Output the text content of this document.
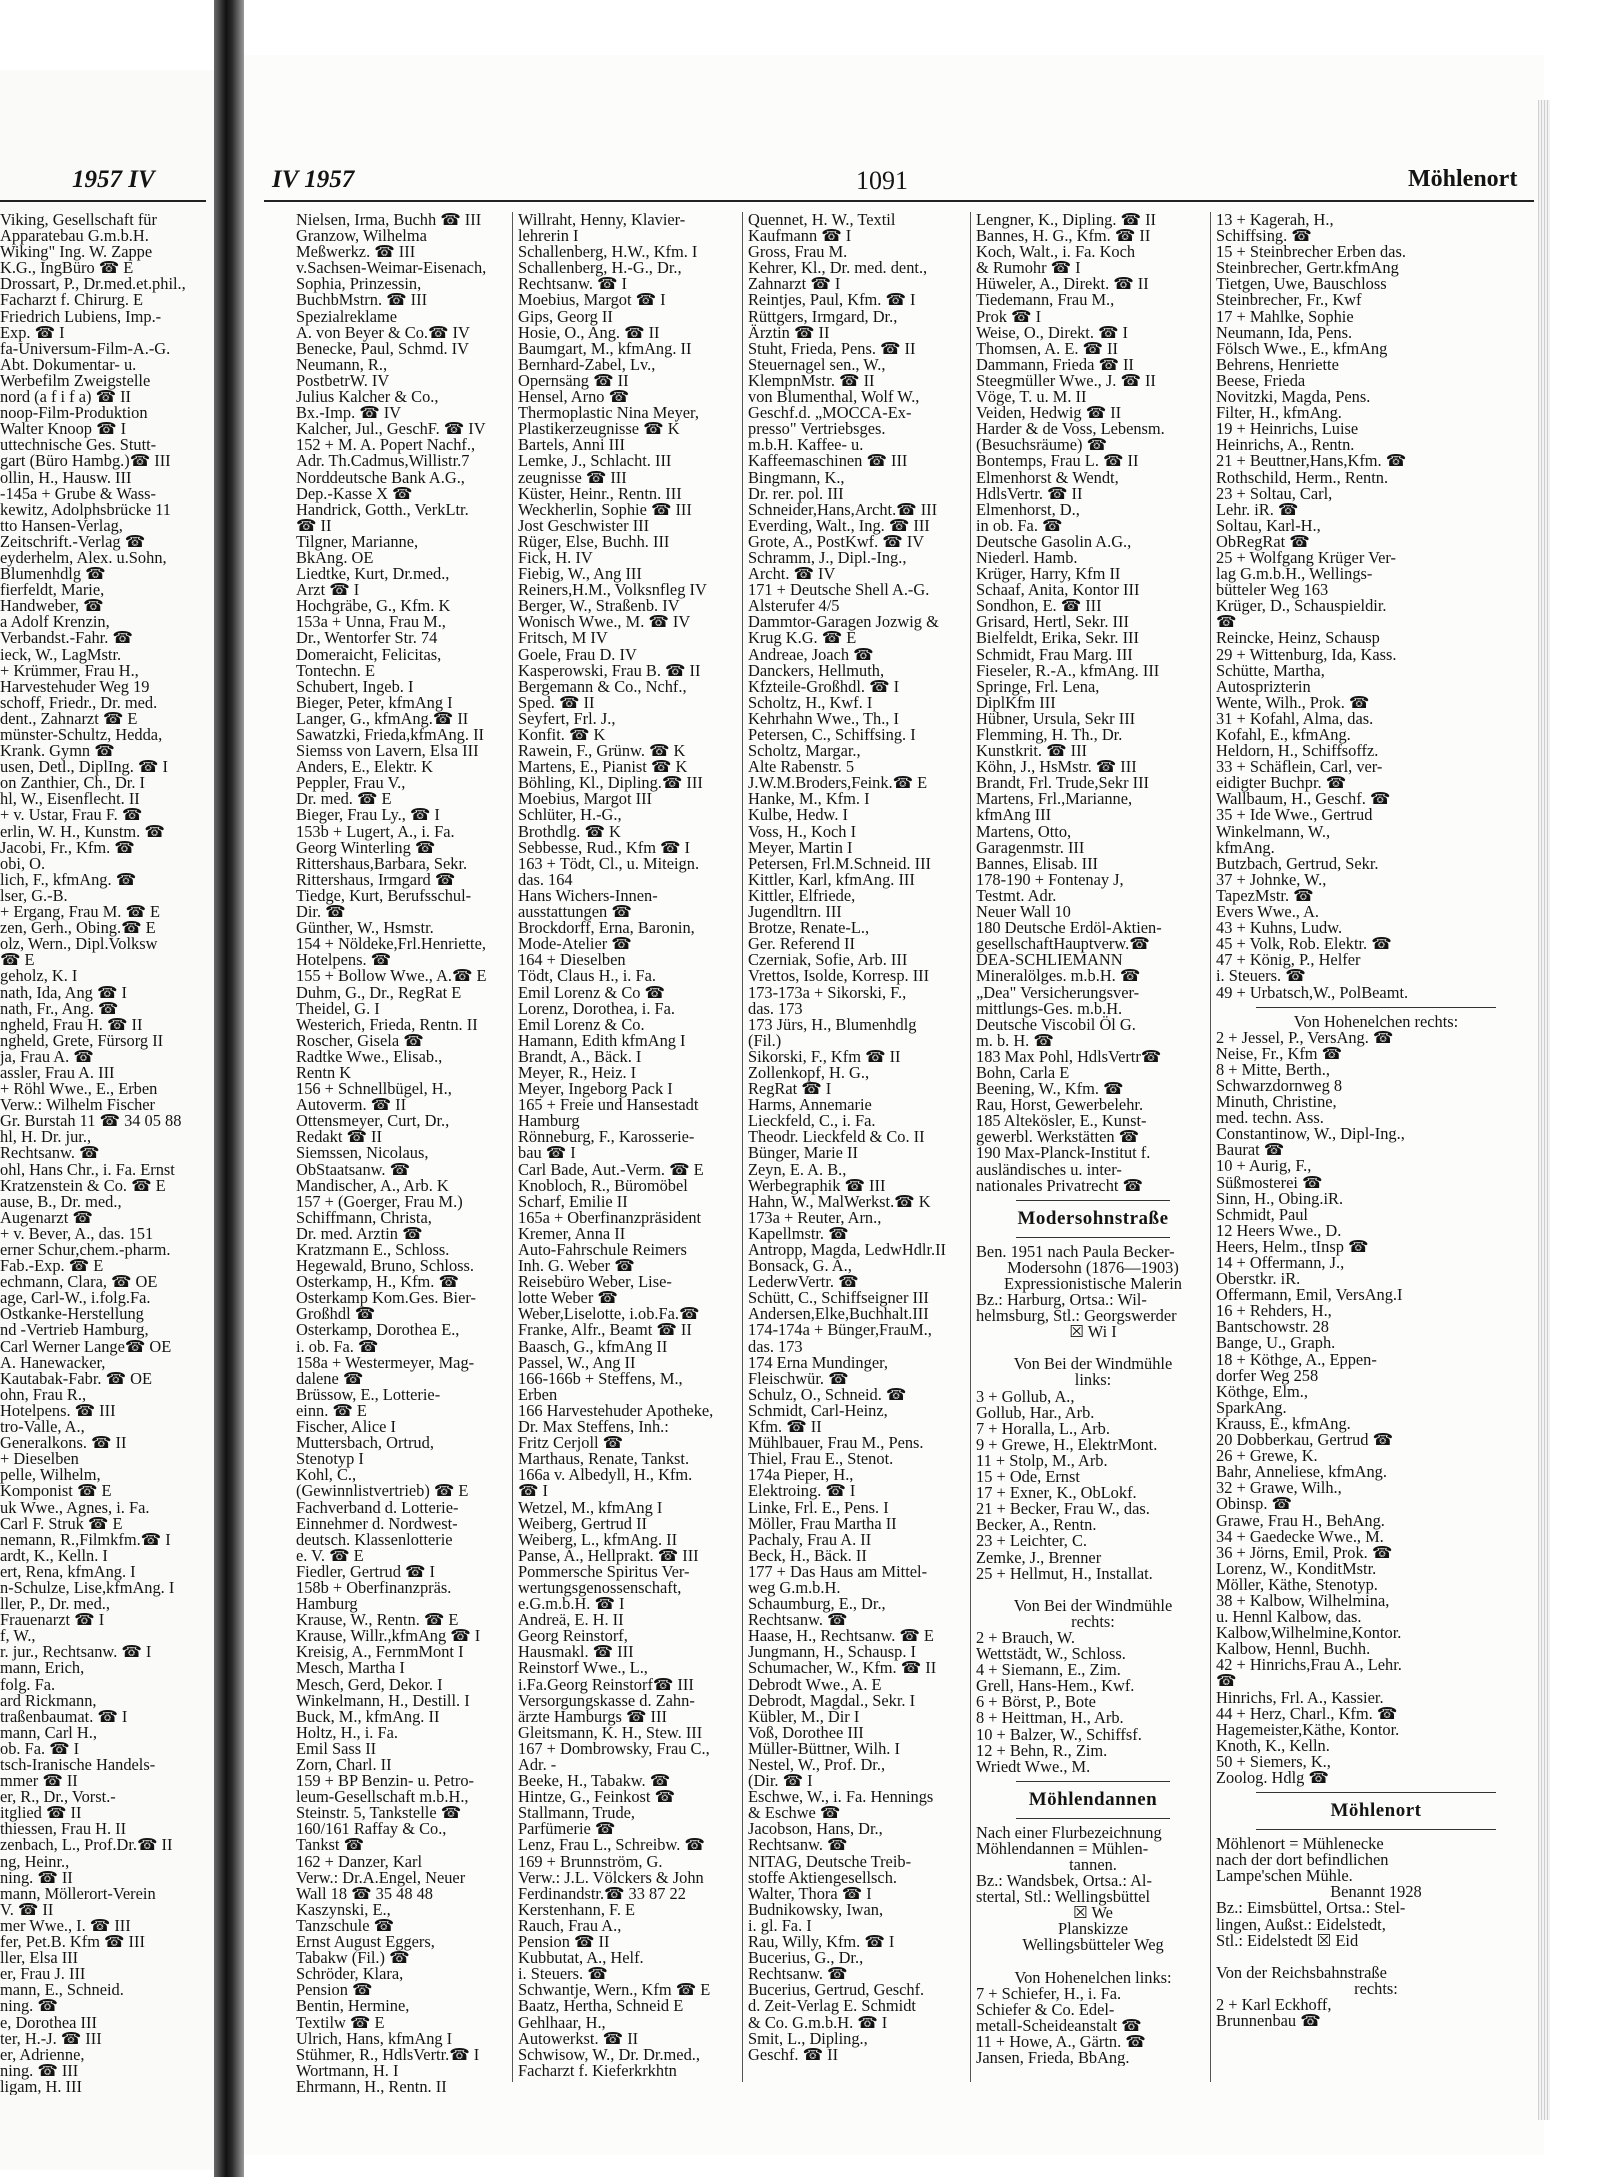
1957 IV	IV 1957	1091	Möhlenort
Viking, Gesellschaft für
Apparatebau G.m.b.H.
Wiking" Ing. W. Zappe
K.G., IngBüro ☎ E
Drossart, P., Dr.med.et.phil.,
Facharzt f. Chirurg. E
Friedrich Lubiens, Imp.-
Exp. ☎ I
fa-Universum-Film-A.-G.
Abt. Dokumentar- u.
Werbefilm Zweigstelle
nord (a f i f a) ☎ II
noop-Film-Produktion
Walter Knoop ☎ I
uttechnische Ges. Stutt-
gart (Büro Hambg.)☎ III
ollin, H., Hausw. III
-145a + Grube & Wass-
kewitz, Adolphsbrücke 11
tto Hansen-Verlag,
Zeitschrift.-Verlag ☎
eyderhelm, Alex. u.Sohn,
Blumenhdlg ☎
fierfeldt, Marie,
Handweber, ☎
a Adolf Krenzin,
Verbandst.-Fahr. ☎
ieck, W., LagMstr.
+ Krümmer, Frau H.,
Harvestehuder Weg 19
schoff, Friedr., Dr. med.
dent., Zahnarzt ☎ E
münster-Schultz, Hedda,
Krank. Gymn ☎
usen, Detl., DiplIng. ☎ I
on Zanthier, Ch., Dr. I
hl, W., Eisenflecht. II
+ v. Ustar, Frau F. ☎
erlin, W. H., Kunstm. ☎
Jacobi, Fr., Kfm. ☎
obi, O.
lich, F., kfmAng. ☎
lser, G.-B.
+ Ergang, Frau M. ☎ E
zen, Gerh., Obing.☎ E
olz, Wern., Dipl.Volksw
☎ E
geholz, K. I
nath, Ida, Ang ☎ I
nath, Fr., Ang. ☎
ngheld, Frau H. ☎ II
ngheld, Grete, Fürsorg II
ja, Frau A. ☎
assler, Frau A. III
+ Röhl Wwe., E., Erben
Verw.: Wilhelm Fischer
Gr. Burstah 11 ☎ 34 05 88
hl, H. Dr. jur.,
Rechtsanw. ☎
ohl, Hans Chr., i. Fa. Ernst
Kratzenstein & Co. ☎ E
ause, B., Dr. med.,
Augenarzt ☎
+ v. Bever, A., das. 151
erner Schur,chem.-pharm.
Fab.-Exp. ☎ E
echmann, Clara, ☎ OE
age, Carl-W., i.folg.Fa.
Ostkanke-Herstellung
nd -Vertrieb Hamburg,
Carl Werner Lange☎ OE
A. Hanewacker,
Kautabak-Fabr. ☎ OE
ohn, Frau R.,
Hotelpens. ☎ III
tro-Valle, A.,
Generalkons. ☎ II
+ Dieselben
pelle, Wilhelm,
Komponist ☎ E
uk Wwe., Agnes, i. Fa.
Carl F. Struk ☎ E
nemann, R.,Filmkfm.☎ I
ardt, K., Kelln. I
ert, Rena, kfmAng. I
n-Schulze, Lise,kfmAng. I
ller, P., Dr. med.,
Frauenarzt ☎ I
f, W.,
r. jur., Rechtsanw. ☎ I
mann, Erich,
folg. Fa.
ard Rickmann,
traßenbaumat. ☎ I
mann, Carl H.,
ob. Fa. ☎ I
tsch-Iranische Handels-
mmer ☎ II
er, R., Dr., Vorst.-
itglied ☎ II
thiessen, Frau H. II
zenbach, L., Prof.Dr.☎ II
ng, Heinr.,
ning. ☎ II
mann, Möllerort-Verein
V. ☎ II
mer Wwe., I. ☎ III
fer, Pet.B. Kfm ☎ III
ller, Elsa III
er, Frau J. III
mann, E., Schneid.
ning. ☎
e, Dorothea III
ter, H.-J. ☎ III
er, Adrienne,
ning. ☎ III
ligam, H. III
Nielsen, Irma, Buchh ☎ III
Granzow, Wilhelma
Meßwerkz. ☎ III
v.Sachsen-Weimar-Eisenach,
Sophia, Prinzessin,
BuchbMstrn. ☎ III
Spezialreklame
A. von Beyer & Co.☎ IV
Benecke, Paul, Schmd. IV
Neumann, R.,
PostbetrW. IV
Julius Kalcher & Co.,
Bx.-Imp. ☎ IV
Kalcher, Jul., GeschF. ☎ IV
152 + M. A. Popert Nachf.,
Adr. Th.Cadmus,Willistr.7
Norddeutsche Bank A.G.,
Dep.-Kasse X ☎
Handrick, Gotth., VerkLtr.
☎ II
Tilgner, Marianne,
BkAng. OE
Liedtke, Kurt, Dr.med.,
Arzt ☎ I
Hochgräbe, G., Kfm. K
153a + Unna, Frau M.,
Dr., Wentorfer Str. 74
Domeraicht, Felicitas,
Tontechn. E
Schubert, Ingeb. I
Bieger, Peter, kfmAng I
Langer, G., kfmAng.☎ II
Sawatzki, Frieda,kfmAng. II
Siemss von Lavern, Elsa III
Anders, E., Elektr. K
Peppler, Frau V.,
Dr. med. ☎ E
Bieger, Frau Ly., ☎ I
153b + Lugert, A., i. Fa.
Georg Winterling ☎
Rittershaus,Barbara, Sekr.
Rittershaus, Irmgard ☎
Tiedge, Kurt, Berufsschul-
Dir. ☎
Günther, W., Hsmstr.
154 + Nöldeke,Frl.Henriette,
Hotelpens. ☎
155 + Bollow Wwe., A.☎ E
Duhm, G., Dr., RegRat E
Theidel, G. I
Westerich, Frieda, Rentn. II
Roscher, Gisela ☎
Radtke Wwe., Elisab.,
Rentn K
156 + Schnellbügel, H.,
Autoverm. ☎ II
Ottensmeyer, Curt, Dr.,
Redakt ☎ II
Siemssen, Nicolaus,
ObStaatsanw. ☎
Mandischer, A., Arb. K
157 + (Goerger, Frau M.)
Schiffmann, Christa,
Dr. med. Arztin ☎
Kratzmann E., Schloss.
Hegewald, Bruno, Schloss.
Osterkamp, H., Kfm. ☎
Osterkamp Kom.Ges. Bier-
Großhdl ☎
Osterkamp, Dorothea E.,
i. ob. Fa. ☎
158a + Westermeyer, Mag-
dalene ☎
Brüssow, E., Lotterie-
einn. ☎ E
Fischer, Alice I
Muttersbach, Ortrud,
Stenotyp I
Kohl, C.,
(Gewinnlistvertrieb) ☎ E
Fachverband d. Lotterie-
Einnehmer d. Nordwest-
deutsch. Klassenlotterie
e. V. ☎ E
Fiedler, Gertrud ☎ I
158b + Oberfinanzpräs.
Hamburg
Krause, W., Rentn. ☎ E
Krause, Willr.,kfmAng ☎ I
Kreisig, A., FernmMont I
Mesch, Martha I
Mesch, Gerd, Dekor. I
Winkelmann, H., Destill. I
Buck, M., kfmAng. II
Holtz, H., i. Fa.
Emil Sass II
Zorn, Charl. II
159 + BP Benzin- u. Petro-
leum-Gesellschaft m.b.H.,
Steinstr. 5, Tankstelle ☎
160/161 Raffay & Co.,
Tankst ☎
162 + Danzer, Karl
Verw.: Dr.A.Engel, Neuer
Wall 18 ☎ 35 48 48
Kaszynski, E.,
Tanzschule ☎
Ernst August Eggers,
Tabakw (Fil.) ☎
Schröder, Klara,
Pension ☎
Bentin, Hermine,
Textilw ☎ E
Ulrich, Hans, kfmAng I
Stühmer, R., HdlsVertr.☎ I
Wortmann, H. I
Ehrmann, H., Rentn. II
Willraht, Henny, Klavier-
lehrerin I
Schallenberg, H.W., Kfm. I
Schallenberg, H.-G., Dr.,
Rechtsanw. ☎ I
Moebius, Margot ☎ I
Gips, Georg II
Hosie, O., Ang. ☎ II
Baumgart, M., kfmAng. II
Bernhard-Zabel, Lv.,
Opernsäng ☎ II
Hensel, Arno ☎
Thermoplastic Nina Meyer,
Plastikerzeugnisse ☎ K
Bartels, Anni III
Lemke, J., Schlacht. III
zeugnisse ☎ III
Küster, Heinr., Rentn. III
Weckherlin, Sophie ☎ III
Jost Geschwister III
Rüger, Else, Buchh. III
Fick, H. IV
Fiebig, W., Ang III
Reiners,H.M., Volksnfleg IV
Berger, W., Straßenb. IV
Wonisch Wwe., M. ☎ IV
Fritsch, M IV
Goele, Frau D. IV
Kasperowski, Frau B. ☎ II
Bergemann & Co., Nchf.,
Sped. ☎ II
Seyfert, Frl. J.,
Konfit. ☎ K
Rawein, F., Grünw. ☎ K
Martens, E., Pianist ☎ K
Böhling, Kl., Dipling.☎ III
Moebius, Margot III
Schlüter, H.-G.,
Brothdlg. ☎ K
Sebbesse, Rud., Kfm ☎ I
163 + Tödt, Cl., u. Miteign.
das. 164
Hans Wichers-Innen-
ausstattungen ☎
Brockdorff, Erna, Baronin,
Mode-Atelier ☎
164 + Dieselben
Tödt, Claus H., i. Fa.
Emil Lorenz & Co ☎
Lorenz, Dorothea, i. Fa.
Emil Lorenz & Co.
Hamann, Edith kfmAng I
Brandt, A., Bäck. I
Meyer, R., Heiz. I
Meyer, Ingeborg Pack I
165 + Freie und Hansestadt
Hamburg
Rönneburg, F., Karosserie-
bau ☎ I
Carl Bade, Aut.-Verm. ☎ E
Knobloch, R., Büromöbel
Scharf, Emilie II
165a + Oberfinanzpräsident
Kremer, Anna II
Auto-Fahrschule Reimers
Inh. G. Weber ☎
Reisebüro Weber, Lise-
lotte Weber ☎
Weber,Liselotte, i.ob.Fa.☎
Franke, Alfr., Beamt ☎ II
Baasch, G., kfmAng II
Passel, W., Ang II
166-166b + Steffens, M.,
Erben
166 Harvestehuder Apotheke,
Dr. Max Steffens, Inh.:
Fritz Cerjoll ☎
Marthaus, Renate, Tankst.
166a v. Albedyll, H., Kfm.
☎ I
Wetzel, M., kfmAng I
Weiberg, Gertrud II
Weiberg, L., kfmAng. II
Panse, A., Hellprakt. ☎ III
Pommersche Spiritus Ver-
wertungsgenossenschaft,
e.G.m.b.H. ☎ I
Andreä, E. H. II
Georg Reinstorf,
Hausmakl. ☎ III
Reinstorf Wwe., L.,
i.Fa.Georg Reinstorf☎ III
Versorgungskasse d. Zahn-
ärzte Hamburgs ☎ III
Gleitsmann, K. H., Stew. III
167 + Dombrowsky, Frau C.,
Adr. -
Beeke, H., Tabakw. ☎
Hintze, G., Feinkost ☎
Stallmann, Trude,
Parfümerie ☎
Lenz, Frau L., Schreibw. ☎
169 + Brunnström, G.
Verw.: J.L. Völckers & John
Ferdinandstr.☎ 33 87 22
Kerstenhann, F. E
Rauch, Frau A.,
Pension ☎ II
Kubbutat, A., Helf.
i. Steuers. ☎
Schwantje, Wern., Kfm ☎ E
Baatz, Hertha, Schneid E
Gehlhaar, H.,
Autowerkst. ☎ II
Schwisow, W., Dr. Dr.med.,
Facharzt f. Kieferkrkhtn
Quennet, H. W., Textil
Kaufmann ☎ I
Gross, Frau M.
Kehrer, Kl., Dr. med. dent.,
Zahnarzt ☎ I
Reintjes, Paul, Kfm. ☎ I
Rüttgers, Irmgard, Dr.,
Ärztin ☎ II
Stuht, Frieda, Pens. ☎ II
Steuernagel sen., W.,
KlempnMstr. ☎ II
von Blumenthal, Wolf W.,
Geschf.d. „MOCCA-Ex-
presso" Vertriebsges.
m.b.H. Kaffee- u.
Kaffeemaschinen ☎ III
Bingmann, K.,
Dr. rer. pol. III
Schneider,Hans,Archt.☎ III
Everding, Walt., Ing. ☎ III
Grote, A., PostKwf. ☎ IV
Schramm, J., Dipl.-Ing.,
Archt. ☎ IV
171 + Deutsche Shell A.-G.
Alsterufer 4/5
Dammtor-Garagen Jozwig &
Krug K.G. ☎ E
Andreae, Joach ☎
Danckers, Hellmuth,
Kfzteile-Großhdl. ☎ I
Scholtz, H., Kwf. I
Kehrhahn Wwe., Th., I
Petersen, C., Schiffsing. I
Scholtz, Margar.,
Alte Rabenstr. 5
J.W.M.Broders,Feink.☎ E
Hanke, M., Kfm. I
Kulbe, Hedw. I
Voss, H., Koch I
Meyer, Martin I
Petersen, Frl.M.Schneid. III
Kittler, Karl, kfmAng. III
Kittler, Elfriede,
Jugendltrn. III
Brotze, Renate-L.,
Ger. Referend II
Czerniak, Sofie, Arb. III
Vrettos, Isolde, Korresp. III
173-173a + Sikorski, F.,
das. 173
173 Jürs, H., Blumenhdlg
(Fil.)
Sikorski, F., Kfm ☎ II
Zollenkopf, H. G.,
RegRat ☎ I
Harms, Annemarie
Lieckfeld, C., i. Fa.
Theodr. Lieckfeld & Co. II
Bünger, Marie II
Zeyn, E. A. B.,
Werbegraphik ☎ III
Hahn, W., MalWerkst.☎ K
173a + Reuter, Arn.,
Kapellmstr. ☎
Antropp, Magda, LedwHdlr.II
Bonsack, G. A.,
LederwVertr. ☎
Schütt, C., Schiffseigner III
Andersen,Elke,Buchhalt.III
174-174a + Bünger,FrauM.,
das. 173
174 Erna Mundinger,
Fleischwür. ☎
Schulz, O., Schneid. ☎
Schmidt, Carl-Heinz,
Kfm. ☎ II
Mühlbauer, Frau M., Pens.
Thiel, Frau E., Stenot.
174a Pieper, H.,
Elektroing. ☎ I
Linke, Frl. E., Pens. I
Möller, Frau Martha II
Pachaly, Frau A. II
Beck, H., Bäck. II
177 + Das Haus am Mittel-
weg G.m.b.H.
Schaumburg, E., Dr.,
Rechtsanw. ☎
Haase, H., Rechtsanw. ☎ E
Jungmann, H., Schausp. I
Schumacher, W., Kfm. ☎ II
Debrodt Wwe., A. E
Debrodt, Magdal., Sekr. I
Kübler, M., Dir I
Voß, Dorothee III
Müller-Büttner, Wilh. I
Nestel, W., Prof. Dr.,
(Dir. ☎ I
Eschwe, W., i. Fa. Hennings
& Eschwe ☎
Jacobson, Hans, Dr.,
Rechtsanw. ☎
NITAG, Deutsche Treib-
stoffe Aktiengesellsch.
Walter, Thora ☎ I
Budnikowsky, Iwan,
i. gl. Fa. I
Rau, Willy, Kfm. ☎ I
Bucerius, G., Dr.,
Rechtsanw. ☎
Bucerius, Gertrud, Geschf.
d. Zeit-Verlag E. Schmidt
& Co. G.m.b.H. ☎ I
Smit, L., Dipling.,
Geschf. ☎ II
Lengner, K., Dipling. ☎ II
Bannes, H. G., Kfm. ☎ II
Koch, Walt., i. Fa. Koch
& Rumohr ☎ I
Hüweler, A., Direkt. ☎ II
Tiedemann, Frau M.,
Prok ☎ I
Weise, O., Direkt. ☎ I
Thomsen, A. E. ☎ II
Dammann, Frieda ☎ II
Steegmüller Wwe., J. ☎ II
Vöge, T. u. M. II
Veiden, Hedwig ☎ II
Harder & de Voss, Lebensm.
(Besuchsräume) ☎
Bontemps, Frau L. ☎ II
Elmenhorst & Wendt,
HdlsVertr. ☎ II
Elmenhorst, D.,
in ob. Fa. ☎
Deutsche Gasolin A.G.,
Niederl. Hamb.
Krüger, Harry, Kfm II
Schaaf, Anita, Kontor III
Sondhon, E. ☎ III
Grisard, Hertl, Sekr. III
Bielfeldt, Erika, Sekr. III
Schmidt, Frau Marg. III
Fieseler, R.-A., kfmAng. III
Springe, Frl. Lena,
DiplKfm III
Hübner, Ursula, Sekr III
Flemming, H. Th., Dr.
Kunstkrit. ☎ III
Köhn, J., HsMstr. ☎ III
Brandt, Frl. Trude,Sekr III
Martens, Frl.,Marianne,
kfmAng III
Martens, Otto,
Garagenmstr. III
Bannes, Elisab. III
178-190 + Fontenay J,
Testmt. Adr.
Neuer Wall 10
180 Deutsche Erdöl-Aktien-
gesellschaftHauptverw.☎
DEA-SCHLIEMANN
Mineralölges. m.b.H. ☎
„Dea" Versicherungsver-
mittlungs-Ges. m.b.H.
Deutsche Viscobil Öl G.
m. b. H. ☎
183 Max Pohl, HdlsVertr☎
Bohn, Carla E
Beening, W., Kfm. ☎
Rau, Horst, Gewerbelehr.
185 Altekösler, E., Kunst-
gewerbl. Werkstätten ☎
190 Max-Planck-Institut f.
ausländisches u. inter-
nationales Privatrecht ☎
Modersohnstraße
Ben. 1951 nach Paula Becker-
Modersohn (1876—1903)
Expressionistische Malerin
Bz.: Harburg, Ortsa.: Wil-
helmsburg, Stl.: Georgswerder
☒ Wi I
Von Bei der Windmühle
links:
3 + Gollub, A.,
Gollub, Har., Arb.
7 + Horalla, L., Arb.
9 + Grewe, H., ElektrMont.
11 + Stolp, M., Arb.
15 + Ode, Ernst
17 + Exner, K., ObLokf.
21 + Becker, Frau W., das.
Becker, A., Rentn.
23 + Leichter, C.
Zemke, J., Brenner
25 + Hellmut, H., Installat.
Von Bei der Windmühle
rechts:
2 + Brauch, W.
Wettstädt, W., Schloss.
4 + Siemann, E., Zim.
Grell, Hans-Hem., Kwf.
6 + Börst, P., Bote
8 + Heittman, H., Arb.
10 + Balzer, W., Schiffsf.
12 + Behn, R., Zim.
Wriedt Wwe., M.
Möhlendannen
Nach einer Flurbezeichnung
Möhlendannen = Mühlen-
tannen.
Bz.: Wandsbek, Ortsa.: Al-
stertal, Stl.: Wellingsbüttel
☒ We
Planskizze
Wellingsbütteler Weg
Von Hohenelchen links:
7 + Schiefer, H., i. Fa.
Schiefer & Co. Edel-
metall-Scheideanstalt ☎
11 + Howe, A., Gärtn. ☎
Jansen, Frieda, BbAng.
13 + Kagerah, H.,
Schiffsing. ☎
15 + Steinbrecher Erben das.
Steinbrecher, Gertr.kfmAng
Tietgen, Uwe, Bauschloss
Steinbrecher, Fr., Kwf
17 + Mahlke, Sophie
Neumann, Ida, Pens.
Fölsch Wwe., E., kfmAng
Behrens, Henriette
Beese, Frieda
Novitzki, Magda, Pens.
Filter, H., kfmAng.
19 + Heinrichs, Luise
Heinrichs, A., Rentn.
21 + Beuttner,Hans,Kfm. ☎
Rothschild, Herm., Rentn.
23 + Soltau, Carl,
Lehr. iR. ☎
Soltau, Karl-H.,
ObRegRat ☎
25 + Wolfgang Krüger Ver-
lag G.m.b.H., Wellings-
bütteler Weg 163
Krüger, D., Schauspieldir.
☎
Reincke, Heinz, Schausp
29 + Wittenburg, Ida, Kass.
Schütte, Martha,
Autosprizterin
Wente, Wilh., Prok. ☎
31 + Kofahl, Alma, das.
Kofahl, E., kfmAng.
Heldorn, H., Schiffsoffz.
33 + Schäflein, Carl, ver-
eidigter Buchpr. ☎
Wallbaum, H., Geschf. ☎
35 + Ide Wwe., Gertrud
Winkelmann, W.,
kfmAng.
Butzbach, Gertrud, Sekr.
37 + Johnke, W.,
TapezMstr. ☎
Evers Wwe., A.
43 + Kuhns, Ludw.
45 + Volk, Rob. Elektr. ☎
47 + König, P., Helfer
i. Steuers. ☎
49 + Urbatsch,W., PolBeamt.
Von Hohenelchen rechts:
2 + Jessel, P., VersAng. ☎
Neise, Fr., Kfm ☎
8 + Mitte, Berth.,
Schwarzdornweg 8
Minuth, Christine,
med. techn. Ass.
Constantinow, W., Dipl-Ing.,
Baurat ☎
10 + Aurig, F.,
Süßmosterei ☎
Sinn, H., Obing.iR.
Schmidt, Paul
12 Heers Wwe., D.
Heers, Helm., tInsp ☎
14 + Offermann, J.,
Oberstkr. iR.
Offermann, Emil, VersAng.I
16 + Rehders, H.,
Bantschowstr. 28
Bange, U., Graph.
18 + Köthge, A., Eppen-
dorfer Weg 258
Köthge, Elm.,
SparkAng.
Krauss, E., kfmAng.
20 Dobberkau, Gertrud ☎
26 + Grewe, K.
Bahr, Anneliese, kfmAng.
32 + Grawe, Wilh.,
Obinsp. ☎
Grawe, Frau H., BehAng.
34 + Gaedecke Wwe., M.
36 + Jörns, Emil, Prok. ☎
Lorenz, W., KonditMstr.
Möller, Käthe, Stenotyp.
38 + Kalbow, Wilhelmina,
u. Hennl Kalbow, das.
Kalbow,Wilhelmine,Kontor.
Kalbow, Hennl, Buchh.
42 + Hinrichs,Frau A., Lehr.
☎
Hinrichs, Frl. A., Kassier.
44 + Herz, Charl., Kfm. ☎
Hagemeister,Käthe, Kontor.
Knoth, K., Kelln.
50 + Siemers, K.,
Zoolog. Hdlg ☎
Möhlenort
Möhlenort = Mühlenecke
nach der dort befindlichen
Lampe'schen Mühle.
Benannt 1928
Bz.: Eimsbüttel, Ortsa.: Stel-
lingen, Außst.: Eidelstedt,
Stl.: Eidelstedt ☒ Eid
Von der Reichsbahnstraße
rechts:
2 + Karl Eckhoff,
Brunnenbau ☎
